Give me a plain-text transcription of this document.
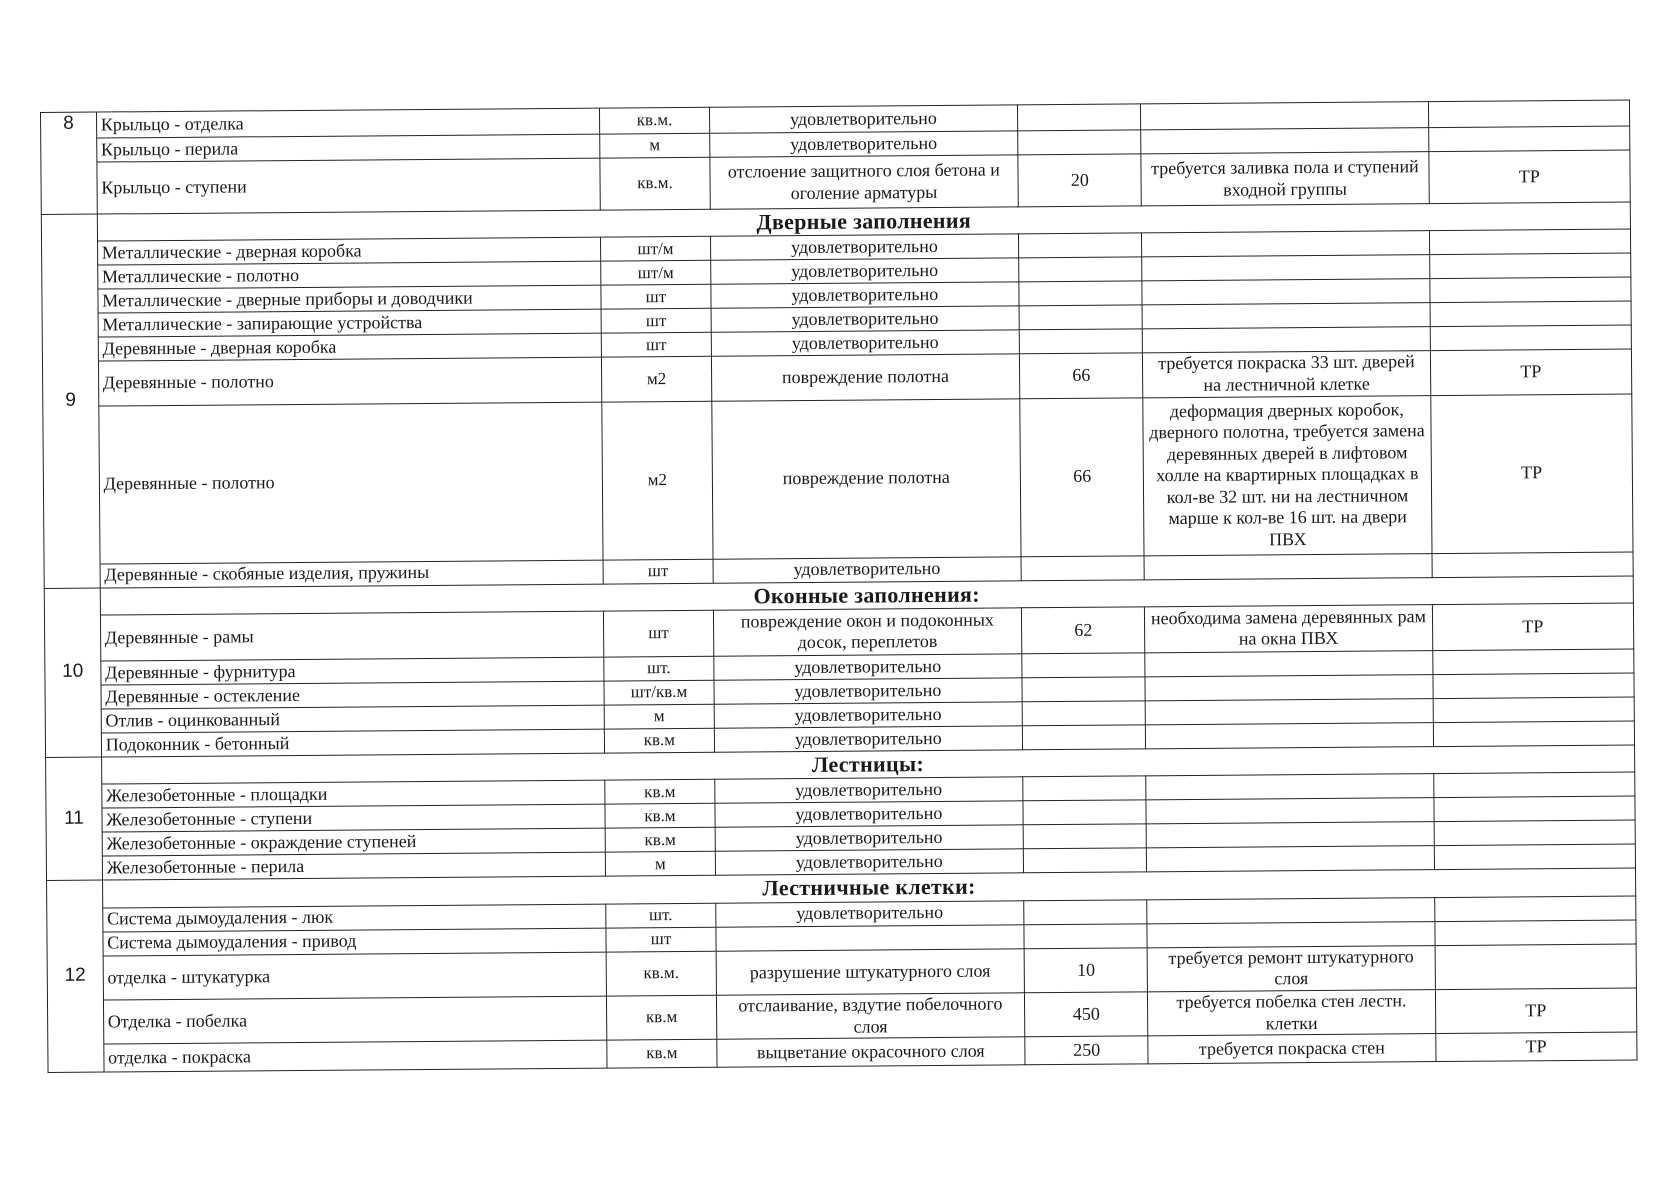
8	Крыльцо - отделка	кв.м.	удовлетворительно			
	Крыльцо - перила	м	удовлетворительно			
	Крыльцо - ступени	кв.м.	отслоение защитного слоя бетона и оголение арматуры	20	требуется заливка пола и ступений входной группы	ТР
9	Дверные заполнения					
	Металлические - дверная коробка	шт/м	удовлетворительно			
	Металлические - полотно	шт/м	удовлетворительно			
	Металлические - дверные приборы и доводчики	шт	удовлетворительно			
	Металлические - запирающие устройства	шт	удовлетворительно			
	Деревянные - дверная коробка	шт	удовлетворительно			
	Деревянные - полотно	м2	повреждение полотна	66	требуется покраска 33 шт. дверей на лестничной клетке	ТР
	Деревянные - полотно	м2	повреждение полотна	66	деформация дверных коробок, дверного полотна, требуется замена деревянных дверей в лифтовом холле на квартирных площадках в кол-ве 32 шт. ни на лестничном марше к кол-ве 16 шт. на двери ПВХ	ТР
	Деревянные - скобяные изделия, пружины	шт	удовлетворительно			
10	Оконные заполнения:					
	Деревянные - рамы	шт	повреждение окон и подоконных досок, переплетов	62	необходима замена деревянных рам на окна ПВХ	ТР
	Деревянные - фурнитура	шт.	удовлетворительно			
	Деревянные - остекление	шт/кв.м	удовлетворительно			
	Отлив - оцинкованный	м	удовлетворительно			
	Подоконник - бетонный	кв.м	удовлетворительно			
11	Лестницы:					
	Железобетонные - площадки	кв.м	удовлетворительно			
	Железобетонные - ступени	кв.м	удовлетворительно			
	Железобетонные - окраждение ступеней	кв.м	удовлетворительно			
	Железобетонные - перила	м	удовлетворительно			
12	Лестничные клетки:					
	Система дымоудаления - люк	шт.	удовлетворительно			
	Система дымоудаления - привод	шт				
	отделка - штукатурка	кв.м.	разрушение штукатурного слоя	10	требуется ремонт штукатурного слоя	
	Отделка - побелка	кв.м	отслаивание, вздутие побелочного слоя	450	требуется побелка стен лестн. клетки	ТР
	отделка - покраска	кв.м	выцветание окрасочного слоя	250	требуется покраска стен	ТР
